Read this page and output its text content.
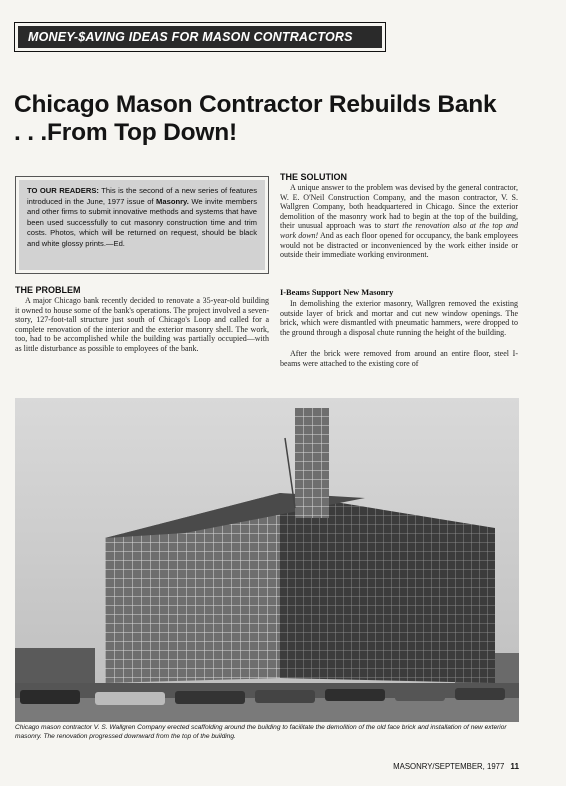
MONEY-$AVING IDEAS FOR MASON CONTRACTORS
Chicago Mason Contractor Rebuilds Bank
. . .From Top Down!
TO OUR READERS: This is the second of a new series of features introduced in the June, 1977 issue of Masonry. We invite members and other firms to submit innovative methods and systems that have been used successfully to cut masonry construction time and trim costs. Photos, which will be returned on request, should be black and white glossy prints.—Ed.
THE PROBLEM

A major Chicago bank recently decided to renovate a 35-year-old building it owned to house some of the bank's operations. The project involved a seven-story, 127-foot-tall structure just south of Chicago's Loop and called for a complete renovation of the interior and the exterior masonry shell. The work, too, had to be accomplished while the building was partially occupied—with as little disturbance as possible to employees of the bank.

THE SOLUTION

A unique answer to the problem was devised by the general contractor, W. E. O'Neil Construction Company, and the mason contractor, V. S. Wallgren Company, both headquartered in Chicago. Since the exterior demolition of the masonry work had to begin at the top of the building, their unusual approach was to start the renovation also at the top and work down! And as each floor opened for occupancy, the bank employees would not be distracted or inconvenienced by the work either inside or outside their immediate working environment.

I-Beams Support New Masonry

In demolishing the exterior masonry, Wallgren removed the existing outside layer of brick and mortar and cut new window openings. The brick, which were dismantled with pneumatic hammers, were dropped to the ground through a disposal chute running the height of the building.

After the brick were removed from around an entire floor, steel I-beams were attached to the existing core of

Chicago mason contractor V. S. Wallgren Company erected scaffolding around the building to facilitate the demolition of the old face brick and installation of new exterior masonry. The renovation progressed downward from the top of the building.

MASONRY/SEPTEMBER, 1977 11
